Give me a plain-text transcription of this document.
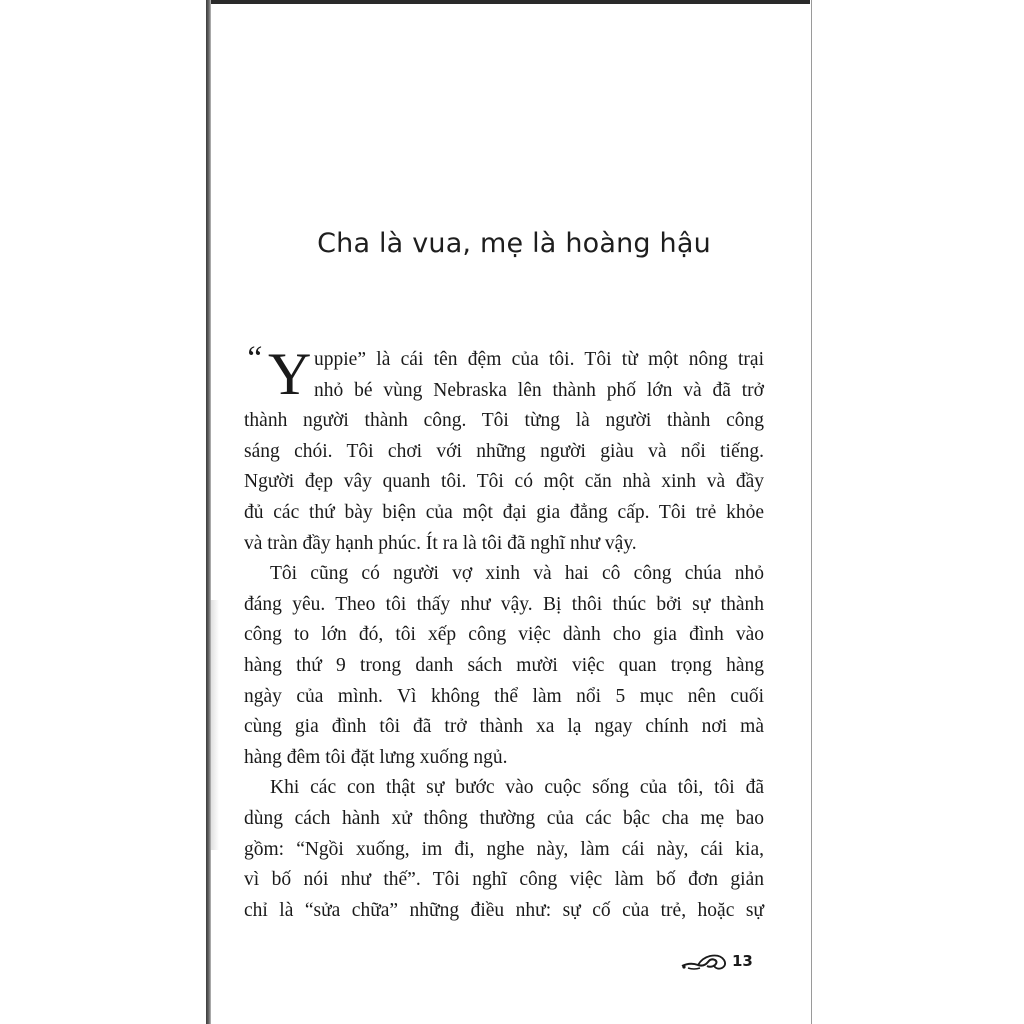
Cha là vua, mẹ là hoàng hậu
“ Y uppie” là cái tên đệm của tôi. Tôi từ một nông trại
nhỏ bé vùng Nebraska lên thành phố lớn và đã trở
thành người thành công. Tôi từng là người thành công
sáng chói. Tôi chơi với những người giàu và nổi tiếng.
Người đẹp vây quanh tôi. Tôi có một căn nhà xinh và đầy
đủ các thứ bày biện của một đại gia đẳng cấp. Tôi trẻ khỏe
và tràn đầy hạnh phúc. Ít ra là tôi đã nghĩ như vậy.
Tôi cũng có người vợ xinh và hai cô công chúa nhỏ
đáng yêu. Theo tôi thấy như vậy. Bị thôi thúc bởi sự thành
công to lớn đó, tôi xếp công việc dành cho gia đình vào
hàng thứ 9 trong danh sách mười việc quan trọng hàng
ngày của mình. Vì không thể làm nổi 5 mục nên cuối
cùng gia đình tôi đã trở thành xa lạ ngay chính nơi mà
hàng đêm tôi đặt lưng xuống ngủ.
Khi các con thật sự bước vào cuộc sống của tôi, tôi đã
dùng cách hành xử thông thường của các bậc cha mẹ bao
gồm: “Ngồi xuống, im đi, nghe này, làm cái này, cái kia,
vì bố nói như thế”. Tôi nghĩ công việc làm bố đơn giản
chỉ là “sửa chữa” những điều như: sự cố của trẻ, hoặc sự
13
